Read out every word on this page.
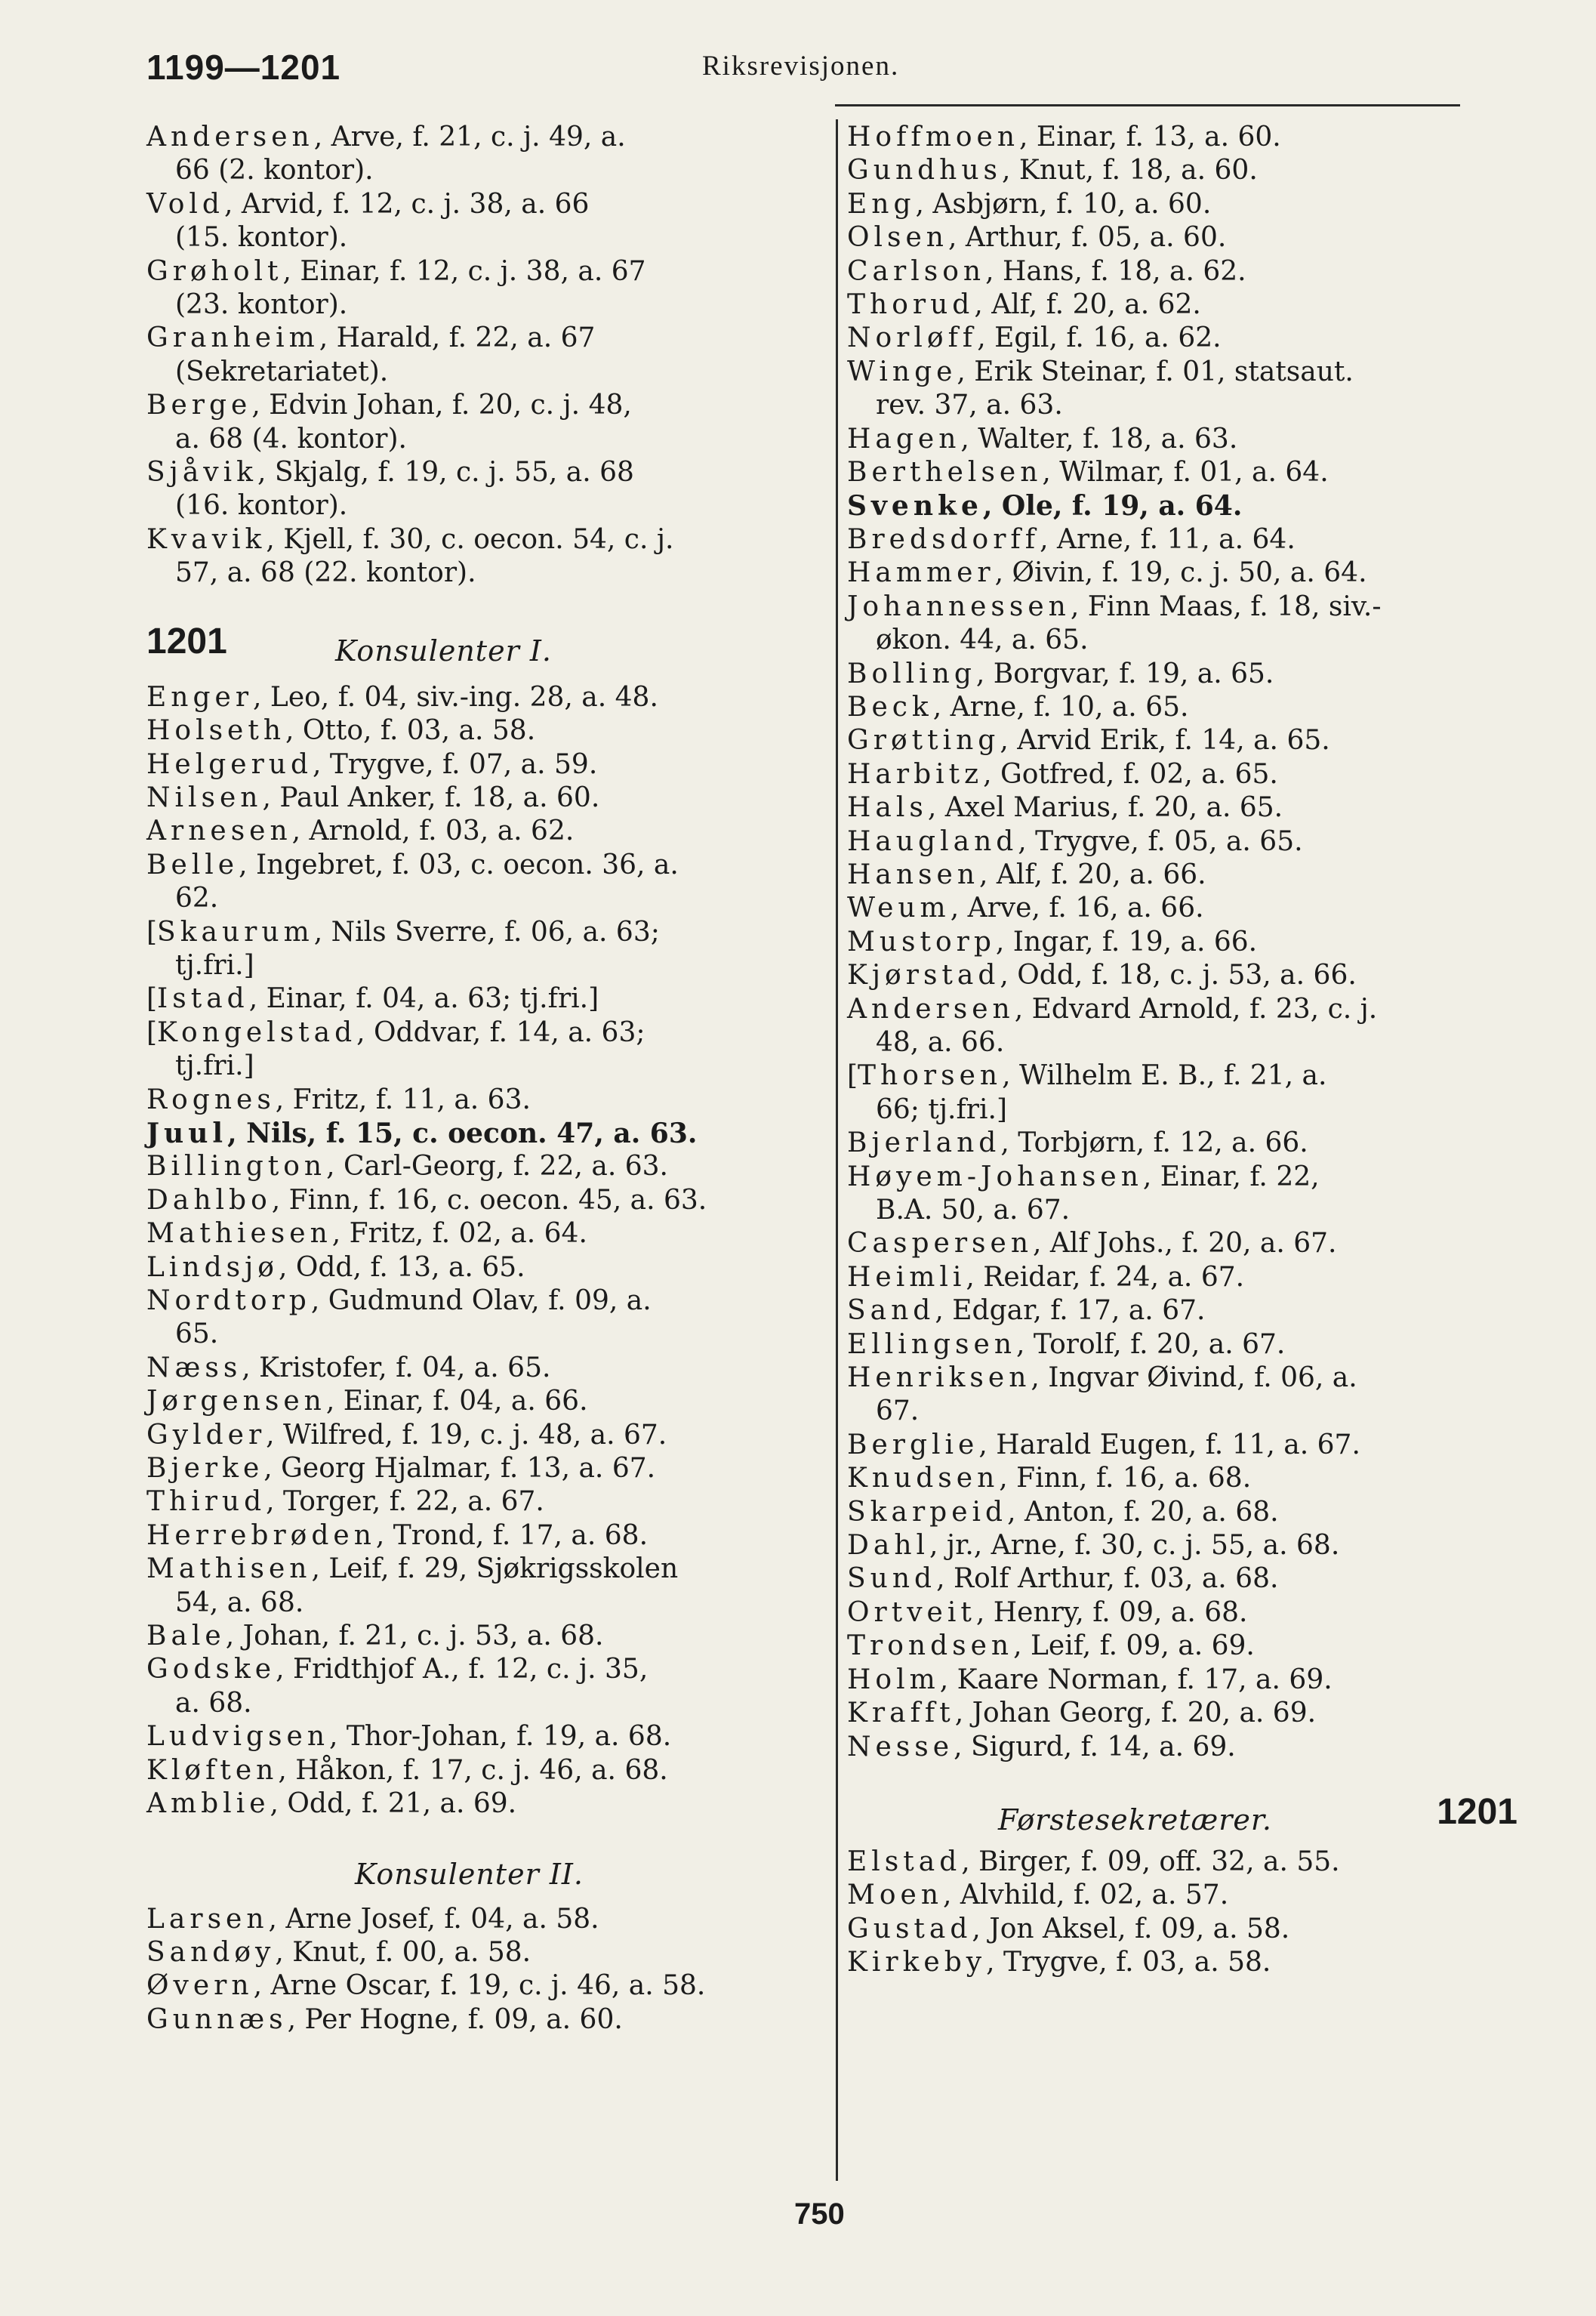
1199—1201	Riksrevisjonen.
Andersen, Arve, f. 21, c. j. 49, a.
66 (2. kontor).
Vold, Arvid, f. 12, c. j. 38, a. 66
(15. kontor).
Grøholt, Einar, f. 12, c. j. 38, a. 67
(23. kontor).
Granheim, Harald, f. 22, a. 67
(Sekretariatet).
Berge, Edvin Johan, f. 20, c. j. 48,
a. 68 (4. kontor).
Sjåvik, Skjalg, f. 19, c. j. 55, a. 68
(16. kontor).
Kvavik, Kjell, f. 30, c. oecon. 54, c. j.
57, a. 68 (22. kontor).
1201	Konsulenter I.
Enger, Leo, f. 04, siv.-ing. 28, a. 48.
Holseth, Otto, f. 03, a. 58.
Helgerud, Trygve, f. 07, a. 59.
Nilsen, Paul Anker, f. 18, a. 60.
Arnesen, Arnold, f. 03, a. 62.
Belle, Ingebret, f. 03, c. oecon. 36, a.
62.
[Skaurum, Nils Sverre, f. 06, a. 63;
tj.fri.]
[Istad, Einar, f. 04, a. 63; tj.fri.]
[Kongelstad, Oddvar, f. 14, a. 63;
tj.fri.]
Rognes, Fritz, f. 11, a. 63.
Juul, Nils, f. 15, c. oecon. 47, a. 63.
Billington, Carl-Georg, f. 22, a. 63.
Dahlbo, Finn, f. 16, c. oecon. 45, a. 63.
Mathiesen, Fritz, f. 02, a. 64.
Lindsjø, Odd, f. 13, a. 65.
Nordtorp, Gudmund Olav, f. 09, a.
65.
Næss, Kristofer, f. 04, a. 65.
Jørgensen, Einar, f. 04, a. 66.
Gylder, Wilfred, f. 19, c. j. 48, a. 67.
Bjerke, Georg Hjalmar, f. 13, a. 67.
Thirud, Torger, f. 22, a. 67.
Herrebrøden, Trond, f. 17, a. 68.
Mathisen, Leif, f. 29, Sjøkrigsskolen
54, a. 68.
Bale, Johan, f. 21, c. j. 53, a. 68.
Godske, Fridthjof A., f. 12, c. j. 35,
a. 68.
Ludvigsen, Thor-Johan, f. 19, a. 68.
Kløften, Håkon, f. 17, c. j. 46, a. 68.
Amblie, Odd, f. 21, a. 69.
Konsulenter II.
Larsen, Arne Josef, f. 04, a. 58.
Sandøy, Knut, f. 00, a. 58.
Øvern, Arne Oscar, f. 19, c. j. 46, a. 58.
Gunnæs, Per Hogne, f. 09, a. 60.
Hoffmoen, Einar, f. 13, a. 60.
Gundhus, Knut, f. 18, a. 60.
Eng, Asbjørn, f. 10, a. 60.
Olsen, Arthur, f. 05, a. 60.
Carlson, Hans, f. 18, a. 62.
Thorud, Alf, f. 20, a. 62.
Norløff, Egil, f. 16, a. 62.
Winge, Erik Steinar, f. 01, statsaut.
rev. 37, a. 63.
Hagen, Walter, f. 18, a. 63.
Berthelsen, Wilmar, f. 01, a. 64.
Svenke, Ole, f. 19, a. 64.
Bredsdorff, Arne, f. 11, a. 64.
Hammer, Øivin, f. 19, c. j. 50, a. 64.
Johannessen, Finn Maas, f. 18, siv.-
økon. 44, a. 65.
Bolling, Borgvar, f. 19, a. 65.
Beck, Arne, f. 10, a. 65.
Grøtting, Arvid Erik, f. 14, a. 65.
Harbitz, Gotfred, f. 02, a. 65.
Hals, Axel Marius, f. 20, a. 65.
Haugland, Trygve, f. 05, a. 65.
Hansen, Alf, f. 20, a. 66.
Weum, Arve, f. 16, a. 66.
Mustorp, Ingar, f. 19, a. 66.
Kjørstad, Odd, f. 18, c. j. 53, a. 66.
Andersen, Edvard Arnold, f. 23, c. j.
48, a. 66.
[Thorsen, Wilhelm E. B., f. 21, a.
66; tj.fri.]
Bjerland, Torbjørn, f. 12, a. 66.
Høyem-Johansen, Einar, f. 22,
B.A. 50, a. 67.
Caspersen, Alf Johs., f. 20, a. 67.
Heimli, Reidar, f. 24, a. 67.
Sand, Edgar, f. 17, a. 67.
Ellingsen, Torolf, f. 20, a. 67.
Henriksen, Ingvar Øivind, f. 06, a.
67.
Berglie, Harald Eugen, f. 11, a. 67.
Knudsen, Finn, f. 16, a. 68.
Skarpeid, Anton, f. 20, a. 68.
Dahl, jr., Arne, f. 30, c. j. 55, a. 68.
Sund, Rolf Arthur, f. 03, a. 68.
Ortveit, Henry, f. 09, a. 68.
Trondsen, Leif, f. 09, a. 69.
Holm, Kaare Norman, f. 17, a. 69.
Krafft, Johan Georg, f. 20, a. 69.
Nesse, Sigurd, f. 14, a. 69.
Førstesekretærer.	1201
Elstad, Birger, f. 09, off. 32, a. 55.
Moen, Alvhild, f. 02, a. 57.
Gustad, Jon Aksel, f. 09, a. 58.
Kirkeby, Trygve, f. 03, a. 58.
750
